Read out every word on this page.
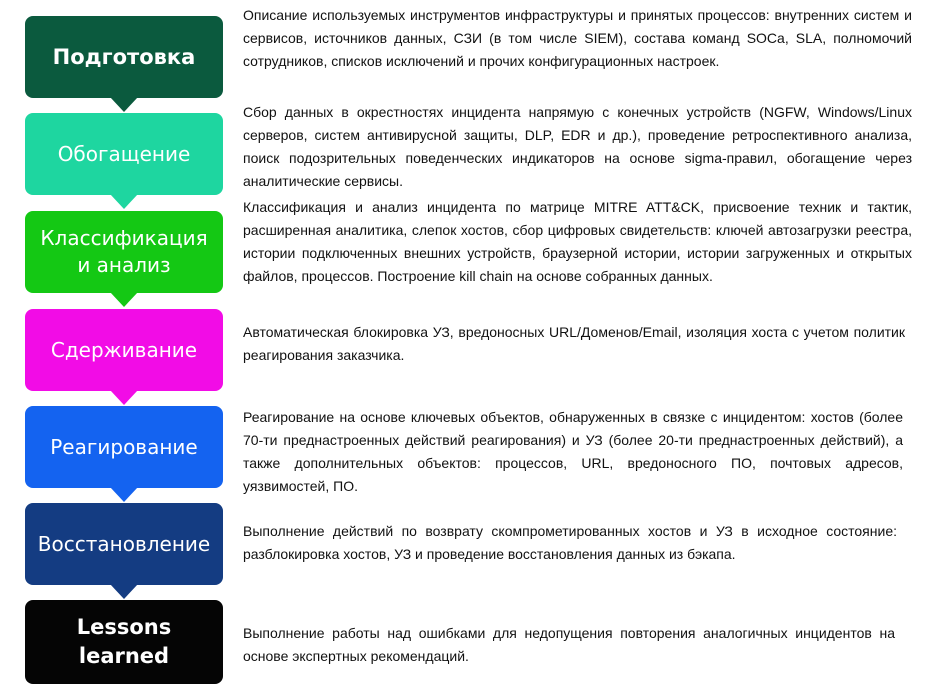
Подготовка
Обогащение
Классификация и анализ
Сдерживание
Реагирование
Восстановление
Lessons learned

Описание используемых инструментов инфраструктуры и принятых процессов: внутренних систем и сервисов, источников данных, СЗИ (в том числе SIEM), состава команд SOCа, SLA, полномочий сотрудников, списков исключений и прочих конфигурационных настроек.

Сбор данных в окрестностях инцидента напрямую с конечных устройств (NGFW, Windows/Linux серверов, систем антивирусной защиты, DLP, EDR и др.), проведение ретроспективного анализа, поиск подозрительных поведенческих индикаторов на основе sigma-правил, обогащение через аналитические сервисы.

Классификация и анализ инцидента по матрице MITRE ATT&CK, присвоение техник и тактик, расширенная аналитика, слепок хостов, сбор цифровых свидетельств: ключей автозагрузки реестра, истории подключенных внешних устройств, браузерной истории, истории загруженных и открытых файлов, процессов. Построение kill chain на основе собранных данных.

Автоматическая блокировка УЗ, вредоносных URL/Доменов/Email, изоляция хоста с учетом политик реагирования заказчика.

Реагирование на основе ключевых объектов, обнаруженных в связке с инцидентом: хостов (более 70-ти преднастроенных действий реагирования) и УЗ (более 20-ти преднастроенных действий), а также дополнительных объектов: процессов, URL, вредоносного ПО, почтовых адресов, уязвимостей, ПО.

Выполнение действий по возврату скомпрометированных хостов и УЗ в исходное состояние: разблокировка хостов, УЗ и проведение восстановления данных из бэкапа.

Выполнение работы над ошибками для недопущения повторения аналогичных инцидентов на основе экспертных рекомендаций.
